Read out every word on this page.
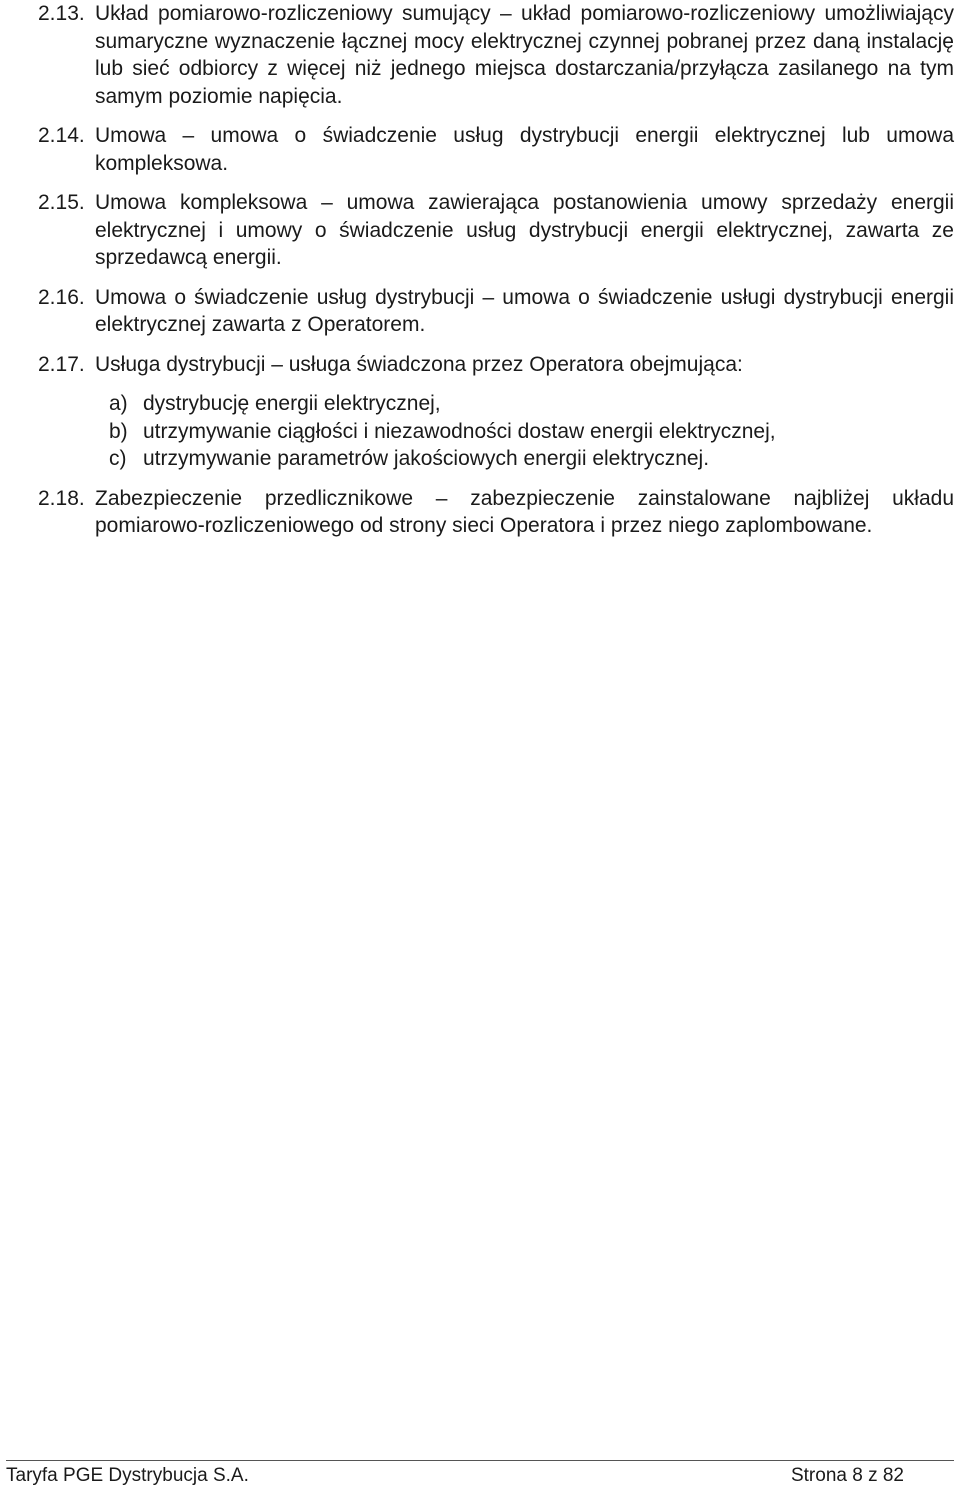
2.13. Układ pomiarowo-rozliczeniowy sumujący – układ pomiarowo-rozliczeniowy umożliwiający sumaryczne wyznaczenie łącznej mocy elektrycznej czynnej pobranej przez daną instalację lub sieć odbiorcy z więcej niż jednego miejsca dostarczania/przyłącza zasilanego na tym samym poziomie napięcia.
2.14. Umowa – umowa o świadczenie usług dystrybucji energii elektrycznej lub umowa kompleksowa.
2.15. Umowa kompleksowa – umowa zawierająca postanowienia umowy sprzedaży energii elektrycznej i umowy o świadczenie usług dystrybucji energii elektrycznej, zawarta ze sprzedawcą energii.
2.16. Umowa o świadczenie usług dystrybucji – umowa o świadczenie usługi dystrybucji energii elektrycznej zawarta z Operatorem.
2.17. Usługa dystrybucji – usługa świadczona przez Operatora obejmująca:
a) dystrybucję energii elektrycznej,
b) utrzymywanie ciągłości i niezawodności dostaw energii elektrycznej,
c) utrzymywanie parametrów jakościowych energii elektrycznej.
2.18. Zabezpieczenie przedlicznikowe – zabezpieczenie zainstalowane najbliżej układu pomiarowo-rozliczeniowego od strony sieci Operatora i przez niego zaplombowane.
Taryfa PGE Dystrybucja S.A.	Strona 8 z 82
